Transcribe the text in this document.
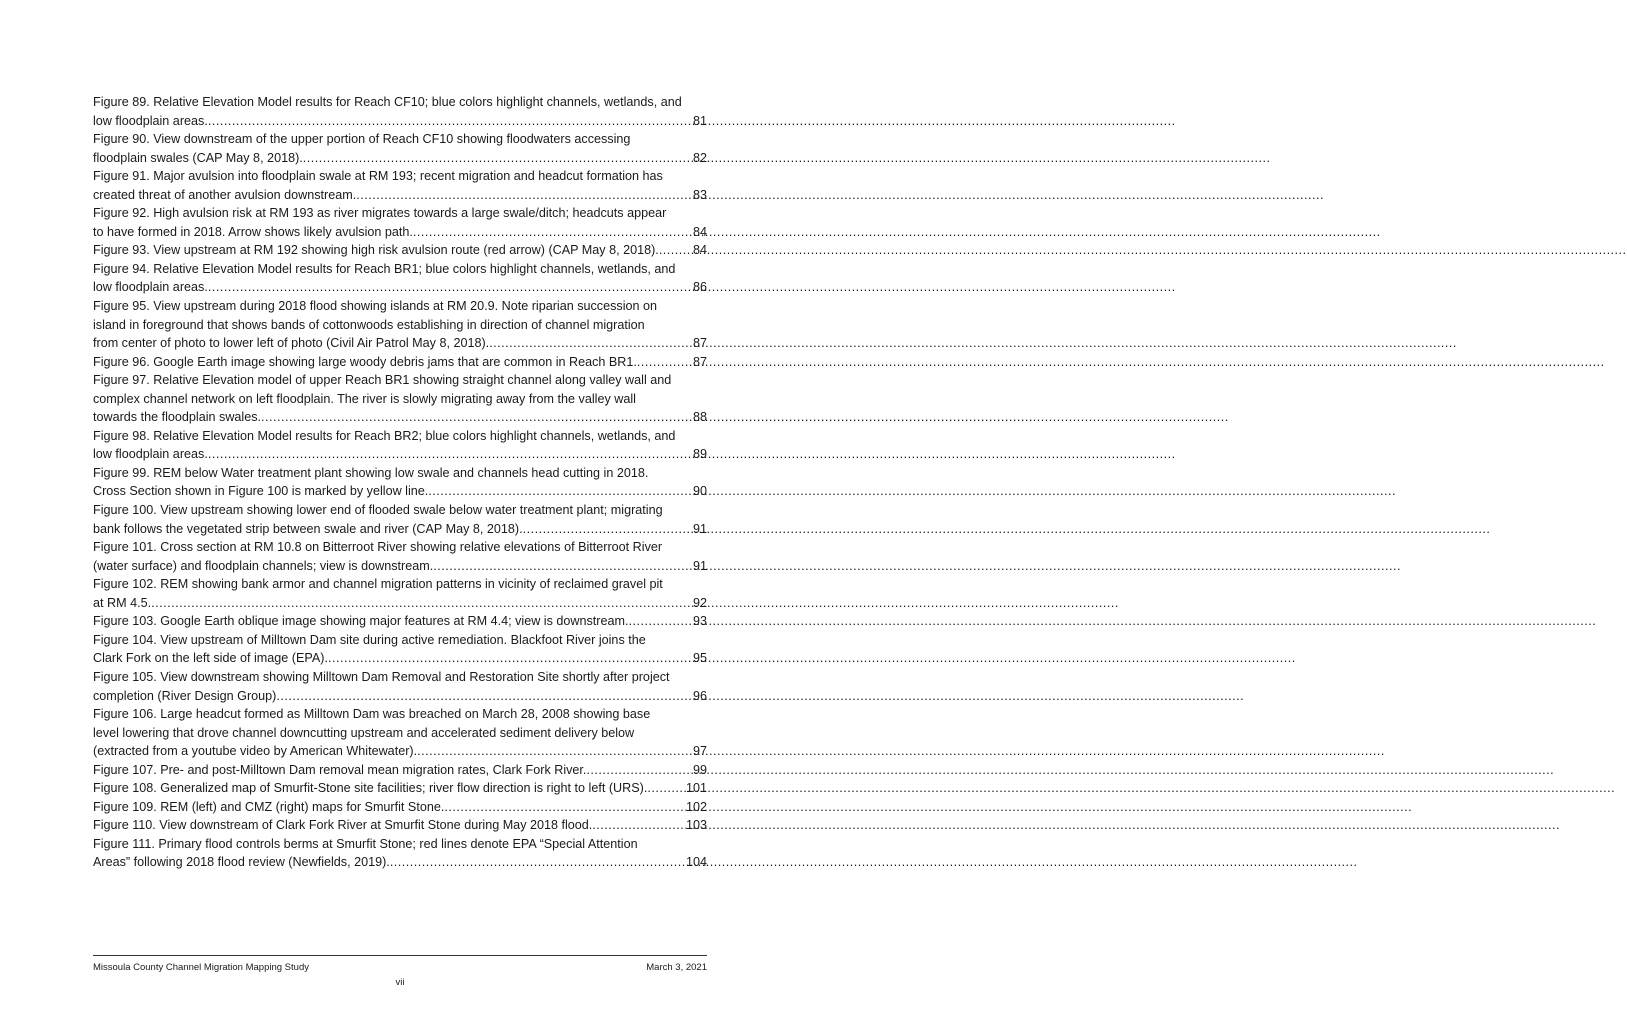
Figure 89. Relative Elevation Model results for Reach CF10; blue colors highlight channels, wetlands, and
low floodplain areas. .....	81
Figure 90. View downstream of the upper portion of Reach CF10 showing floodwaters accessing
floodplain swales (CAP May 8, 2018). .....	82
Figure 91. Major avulsion into floodplain swale at RM 193; recent migration and headcut formation has
created threat of another avulsion downstream. .....	83
Figure 92. High avulsion risk at RM 193 as river migrates towards a large swale/ditch; headcuts appear
to have formed in 2018. Arrow shows likely avulsion path. .....	84
Figure 93. View upstream at RM 192 showing high risk avulsion route (red arrow) (CAP May 8, 2018). .....	84
Figure 94. Relative Elevation Model results for Reach BR1; blue colors highlight channels, wetlands, and
low floodplain areas. .....	86
Figure 95. View upstream during 2018 flood showing islands at RM 20.9. Note riparian succession on
island in foreground that shows bands of cottonwoods establishing in direction of channel migration
from center of photo to lower left of photo (Civil Air Patrol May 8, 2018). .....	87
Figure 96. Google Earth image showing large woody debris jams that are common in Reach BR1. .....	87
Figure 97. Relative Elevation model of upper Reach BR1 showing straight channel along valley wall and
complex channel network on left floodplain. The river is slowly migrating away from the valley wall
towards the floodplain swales. .....	88
Figure 98. Relative Elevation Model results for Reach BR2; blue colors highlight channels, wetlands, and
low floodplain areas. .....	89
Figure 99. REM below Water treatment plant showing low swale and channels head cutting in 2018.
Cross Section shown in Figure 100 is marked by yellow line. .....	90
Figure 100. View upstream showing lower end of flooded swale below water treatment plant; migrating
bank follows the vegetated strip between swale and river (CAP May 8, 2018). .....	91
Figure 101. Cross section at RM 10.8 on Bitterroot River showing relative elevations of Bitterroot River
(water surface) and floodplain channels; view is downstream. .....	91
Figure 102. REM showing bank armor and channel migration patterns in vicinity of reclaimed gravel pit
at RM 4.5. .....	92
Figure 103. Google Earth oblique image showing major features at RM 4.4; view is downstream. .....	93
Figure 104. View upstream of Milltown Dam site during active remediation. Blackfoot River joins the
Clark Fork on the left side of image (EPA). .....	95
Figure 105. View downstream showing Milltown Dam Removal and Restoration Site shortly after project
completion (River Design Group) .....	96
Figure 106. Large headcut formed as Milltown Dam was breached on March 28, 2008 showing base
level lowering that drove channel downcutting upstream and accelerated sediment delivery below
(extracted from a youtube video by American Whitewater). .....	97
Figure 107. Pre- and post-Milltown Dam removal mean migration rates, Clark Fork River. .....	99
Figure 108. Generalized map of Smurfit-Stone site facilities; river flow direction is right to left (URS). .....	101
Figure 109. REM (left) and CMZ (right) maps for Smurfit Stone. .....	102
Figure 110. View downstream of Clark Fork River at Smurfit Stone during May 2018 flood. .....	103
Figure 111. Primary flood controls berms at Smurfit Stone; red lines denote EPA “Special Attention
Areas” following 2018 flood review (Newfields, 2019). .....	104
Missoula County Channel Migration Mapping Study	March 3, 2021
vii
